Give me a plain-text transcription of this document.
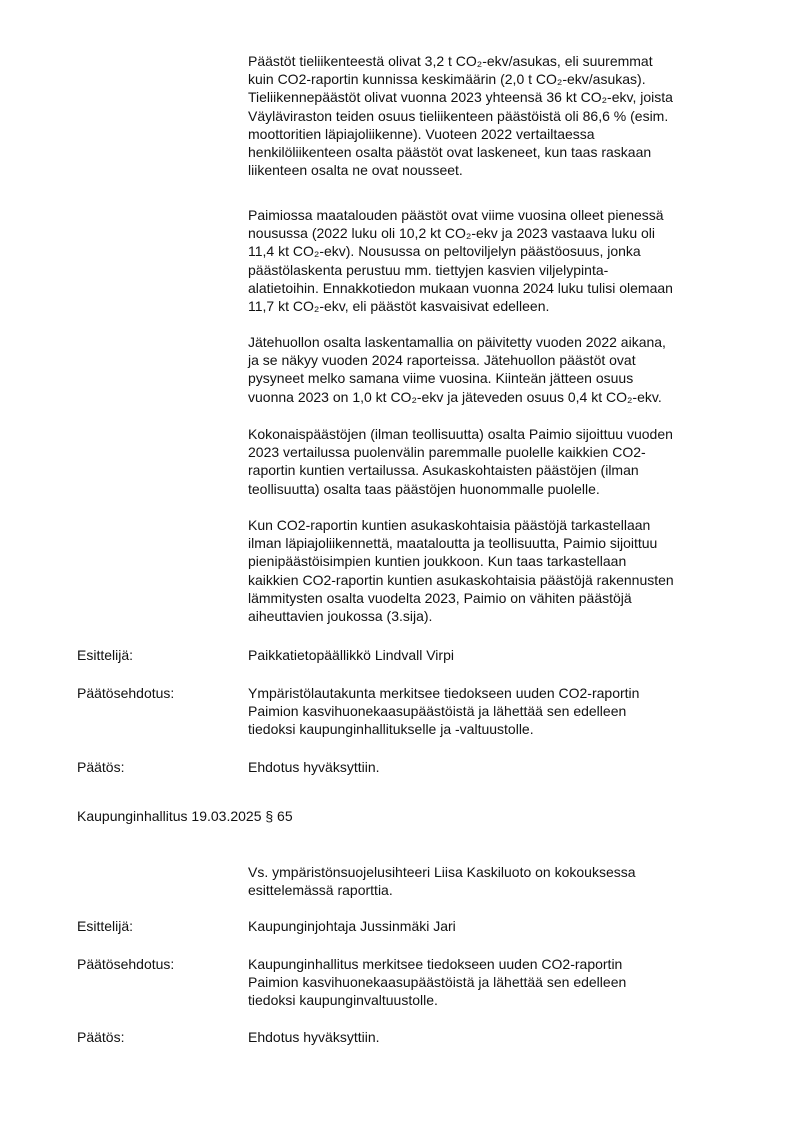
Päästöt tieliikenteestä olivat 3,2 t CO₂-ekv/asukas, eli suuremmat
kuin CO2-raportin kunnissa keskimäärin (2,0 t CO₂-ekv/asukas).
Tieliikennepäästöt olivat vuonna 2023 yhteensä 36 kt CO₂-ekv, joista
Väyläviraston teiden osuus tieliikenteen päästöistä oli 86,6 % (esim.
moottoritien läpiajoliikenne). Vuoteen 2022 vertailtaessa
henkilöliikenteen osalta päästöt ovat laskeneet, kun taas raskaan
liikenteen osalta ne ovat nousseet.

Paimiossa maatalouden päästöt ovat viime vuosina olleet pienessä
nousussa (2022 luku oli 10,2 kt CO₂-ekv ja 2023 vastaava luku oli
11,4 kt CO₂-ekv). Nousussa on peltoviljelyn päästöosuus, jonka
päästölaskenta perustuu mm. tiettyjen kasvien viljelypinta-
alatietoihin. Ennakkotiedon mukaan vuonna 2024 luku tulisi olemaan
11,7 kt CO₂-ekv, eli päästöt kasvaisivat edelleen.

Jätehuollon osalta laskentamallia on päivitetty vuoden 2022 aikana,
ja se näkyy vuoden 2024 raporteissa. Jätehuollon päästöt ovat
pysyneet melko samana viime vuosina. Kiinteän jätteen osuus
vuonna 2023 on 1,0 kt CO₂-ekv ja jäteveden osuus 0,4 kt CO₂-ekv.

Kokonaispäästöjen (ilman teollisuutta) osalta Paimio sijoittuu vuoden
2023 vertailussa puolenvälin paremmalle puolelle kaikkien CO2-
raportin kuntien vertailussa. Asukaskohtaisten päästöjen (ilman
teollisuutta) osalta taas päästöjen huonommalle puolelle.

Kun CO2-raportin kuntien asukaskohtaisia päästöjä tarkastellaan
ilman läpiajoliikennettä, maataloutta ja teollisuutta, Paimio sijoittuu
pienipäästöisimpien kuntien joukkoon. Kun taas tarkastellaan
kaikkien CO2-raportin kuntien asukaskohtaisia päästöjä rakennusten
lämmitysten osalta vuodelta 2023, Paimio on vähiten päästöjä
aiheuttavien joukossa (3.sija).

Esittelijä:	Paikkatietopäällikkö Lindvall Virpi

Päätösehdotus:	Ympäristölautakunta merkitsee tiedokseen uuden CO2-raportin
Paimion kasvihuonekaasupäästöistä ja lähettää sen edelleen
tiedoksi kaupunginhallitukselle ja -valtuustolle.

Päätös:	Ehdotus hyväksyttiin.

Kaupunginhallitus 19.03.2025 § 65

Vs. ympäristönsuojelusihteeri Liisa Kaskiluoto on kokouksessa
esittelemässä raporttia.

Esittelijä:	Kaupunginjohtaja Jussinmäki Jari

Päätösehdotus:	Kaupunginhallitus merkitsee tiedokseen uuden CO2-raportin
Paimion kasvihuonekaasupäästöistä ja lähettää sen edelleen
tiedoksi kaupunginvaltuustolle.

Päätös:	Ehdotus hyväksyttiin.
